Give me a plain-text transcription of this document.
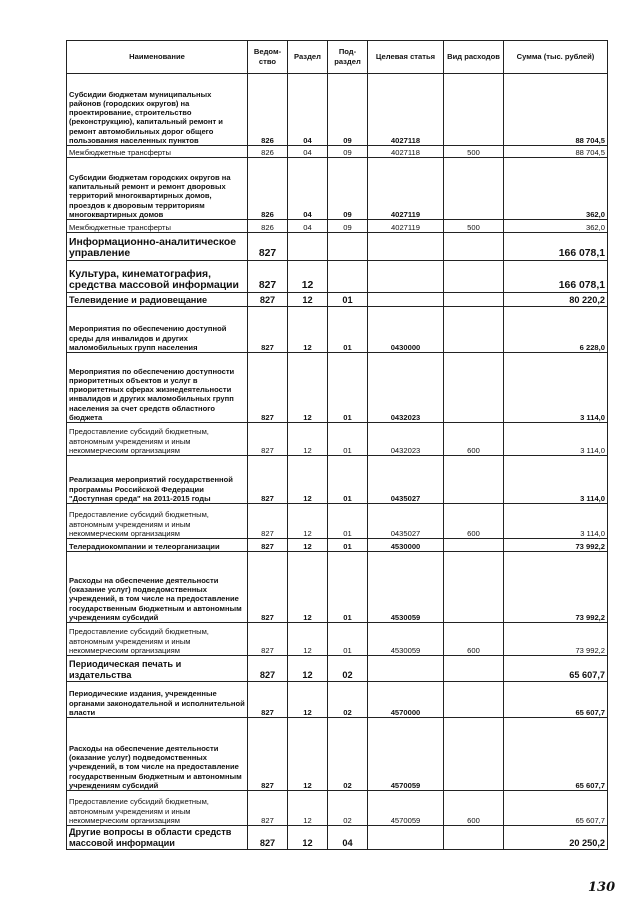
Наименование	Ведом-ство	Раздел	Под-раздел	Целевая статья	Вид расходов	Сумма (тыс. рублей)
Субсидии бюджетам муниципальных районов (городских округов) на проектирование, строительство (реконструкцию), капитальный ремонт и ремонт автомобильных дорог общего пользования населенных пунктов	826	04	09	4027118		88 704,5
Межбюджетные трансферты	826	04	09	4027118	500	88 704,5
Субсидии бюджетам городских округов на капитальный ремонт и ремонт дворовых территорий многоквартирных домов, проездов к дворовым территориям многоквартирных домов	826	04	09	4027119		362,0
Межбюджетные трансферты	826	04	09	4027119	500	362,0
Информационно-аналитическое управление	827					166 078,1
Культура, кинематография, средства массовой информации	827	12				166 078,1
Телевидение и радиовещание	827	12	01			80 220,2
Мероприятия по обеспечению доступной среды для инвалидов и других маломобильных групп населения	827	12	01	0430000		6 228,0
Мероприятия по обеспечению доступности приоритетных объектов и услуг в приоритетных сферах жизнедеятельности инвалидов и других маломобильных групп населения за счет средств областного бюджета	827	12	01	0432023		3 114,0
Предоставление субсидий бюджетным, автономным учреждениям и иным некоммерческим организациям	827	12	01	0432023	600	3 114,0
Реализация мероприятий государственной программы Российской Федерации "Доступная среда" на 2011-2015 годы	827	12	01	0435027		3 114,0
Предоставление субсидий бюджетным, автономным учреждениям и иным некоммерческим организациям	827	12	01	0435027	600	3 114,0
Телерадиокомпании и телеорганизации	827	12	01	4530000		73 992,2
Расходы на обеспечение деятельности (оказание услуг) подведомственных учреждений, в том числе на предоставление государственным бюджетным и автономным учреждениям субсидий	827	12	01	4530059		73 992,2
Предоставление субсидий бюджетным, автономным учреждениям и иным некоммерческим организациям	827	12	01	4530059	600	73 992,2
Периодическая печать и издательства	827	12	02			65 607,7
Периодические издания, учрежденные органами законодательной и исполнительной власти	827	12	02	4570000		65 607,7
Расходы на обеспечение деятельности (оказание услуг) подведомственных учреждений, в том числе на предоставление государственным бюджетным и автономным учреждениям субсидий	827	12	02	4570059		65 607,7
Предоставление субсидий бюджетным, автономным учреждениям и иным некоммерческим организациям	827	12	02	4570059	600	65 607,7
Другие вопросы в области средств массовой информации	827	12	04			20 250,2
130
